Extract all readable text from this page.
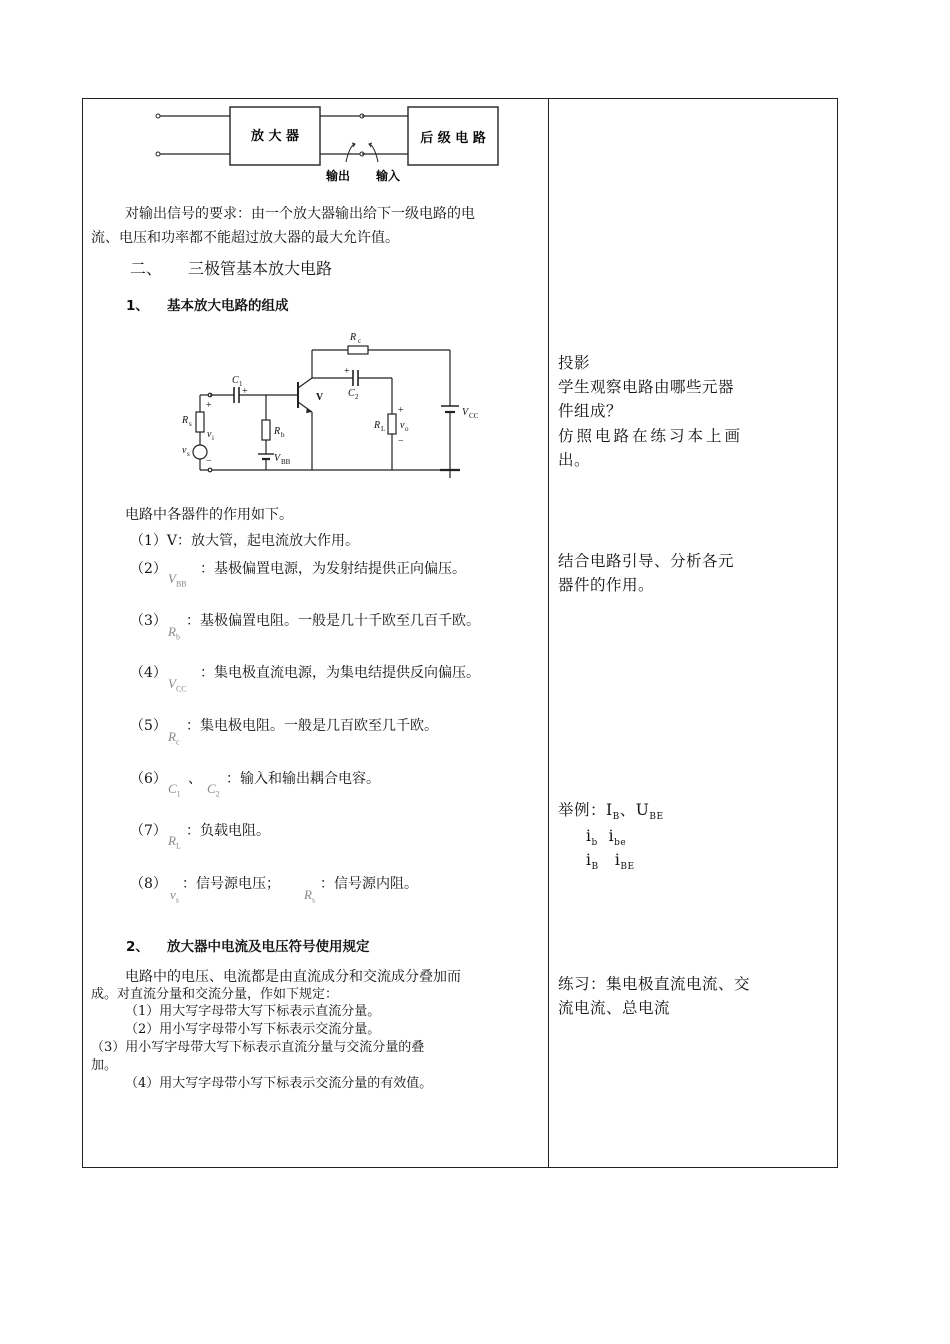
放 大 器	后 级 电 路
输出 输入
对输出信号的要求：由一个放大器输出给下一级电路的电
流、电压和功率都不能超过放大器的最大允许值。
二、 三极管基本放大电路
1、 基本放大电路的组成
R c
C 1
+	C 2
+
V
R s
+
v i
−
v s
R b
V BB
R L
+
v o
−
V CC
电路中各器件的作用如下。
（1）V：放大管，起电流放大作用。
（2）
$V_{BB}$
：基极偏置电源，为发射结提供正向偏压。
（3）
$R_b$
：基极偏置电阻。一般是几十千欧至几百千欧。
（4）
$V_{CC}$
：集电极直流电源，为集电结提供反向偏压。
（5）
$R_c$
：集电极电阻。一般是几百欧至几千欧。
（6）
$C_1$
、
$C_2$
：输入和输出耦合电容。
（7）
$R_L$
：负载电阻。
（8）
$v_s$
：信号源电压；
$R_s$
：信号源内阻。
2、 放大器中电流及电压符号使用规定
电路中的电压、电流都是由直流成分和交流成分叠加而
成。对直流分量和交流分量，作如下规定：
（1）用大写字母带大写下标表示直流分量。
（2）用小写字母带小写下标表示交流分量。
（3）用小写字母带大写下标表示直流分量与交流分量的叠
加。
（4）用大写字母带小写下标表示交流分量的有效值。
投影
学生观察电路由哪些元器
件组成？
仿照电路在练习本上画
出。
结合电路引导、分析各元
器件的作用。
举例：$I_B$、$U_{BE}$
$i_b$ $i_{be}$
$i_B$ $i_{BE}$
练习：集电极直流电流、交
流电流、总电流
